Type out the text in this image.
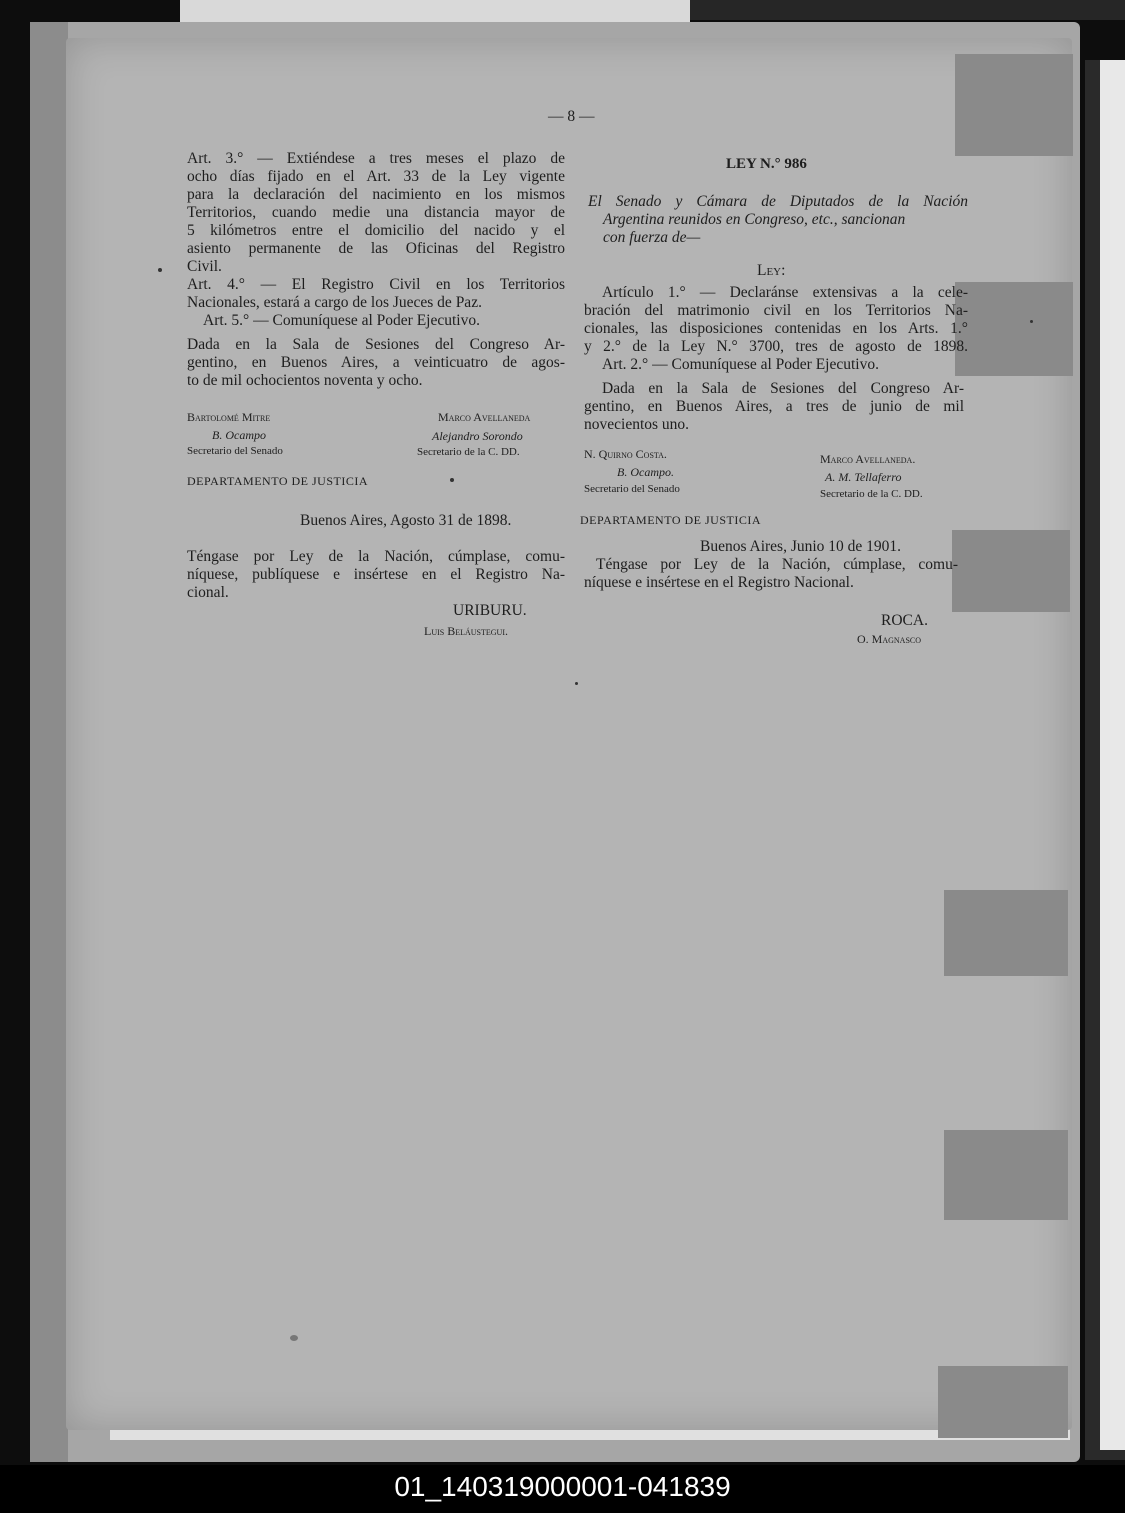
— 8 —
Art. 3.° — Extiéndese a tres meses el plazo de
ocho días fijado en el Art. 33 de la Ley vigente
para la declaración del nacimiento en los mismos
Territorios, cuando medie una distancia mayor de
5 kilómetros entre el domicilio del nacido y el
asiento permanente de las Oficinas del Registro
Civil.
Art. 4.° — El Registro Civil en los Territorios
Nacionales, estará a cargo de los Jueces de Paz.
Art. 5.° — Comuníquese al Poder Ejecutivo.
Dada en la Sala de Sesiones del Congreso Ar-
gentino, en Buenos Aires, a veinticuatro de agos-
to de mil ochocientos noventa y ocho.
Bartolomé Mitre
B. Ocampo
Secretario del Senado
Marco Avellaneda
Alejandro Sorondo
Secretario de la C. DD.
DEPARTAMENTO DE JUSTICIA
Buenos Aires, Agosto 31 de 1898.
Téngase por Ley de la Nación, cúmplase, comu-
níquese, publíquese e insértese en el Registro Na-
cional.
URIBURU.
Luis Beláustegui.
LEY N.° 986
El Senado y Cámara de Diputados de la Nación
Argentina reunidos en Congreso, etc., sancionan
con fuerza de—
Ley:
Artículo 1.° — Declaránse extensivas a la cele-
bración del matrimonio civil en los Territorios Na-
cionales, las disposiciones contenidas en los Arts. 1.°
y 2.° de la Ley N.° 3700, tres de agosto de 1898.
Art. 2.° — Comuníquese al Poder Ejecutivo.
Dada en la Sala de Sesiones del Congreso Ar-
gentino, en Buenos Aires, a tres de junio de mil
novecientos uno.
N. Quirno Costa.
B. Ocampo.
Secretario del Senado
Marco Avellaneda.
A. M. Tellaferro
Secretario de la C. DD.
DEPARTAMENTO DE JUSTICIA
Buenos Aires, Junio 10 de 1901.
Téngase por Ley de la Nación, cúmplase, comu-
níquese e insértese en el Registro Nacional.
ROCA.
O. Magnasco
01_140319000001-041839
